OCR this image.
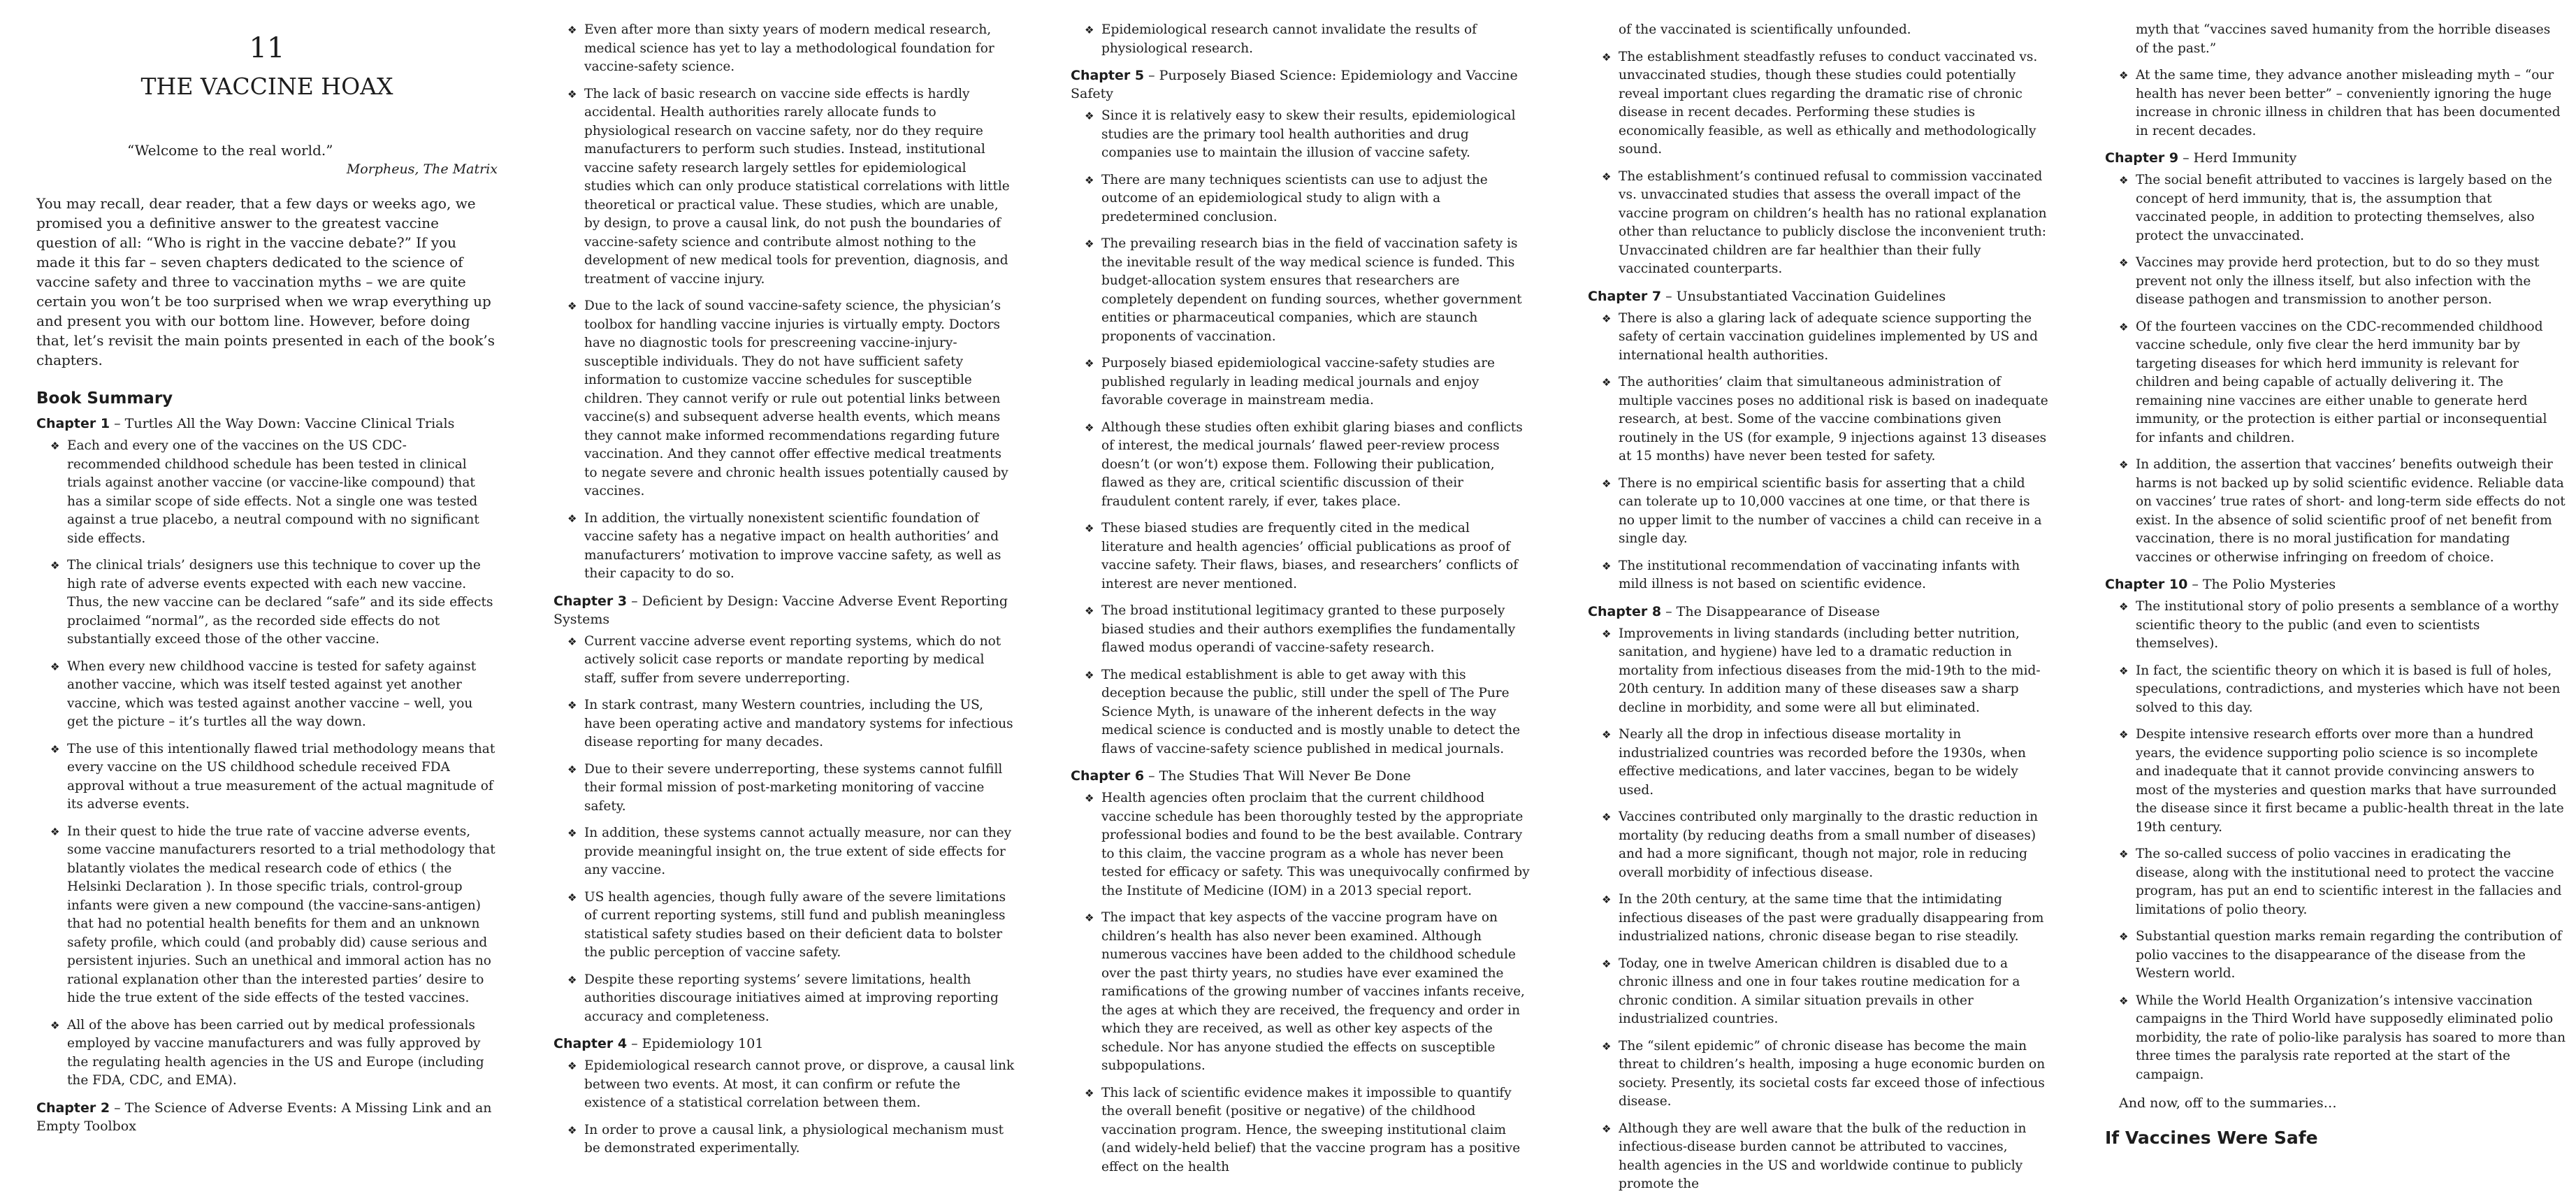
11
THE VACCINE HOAX
“Welcome to the real world.”
Morpheus, The Matrix

You may recall, dear reader, that a few days or weeks ago, we promised you a definitive answer to the greatest vaccine question of all: “Who is right in the vaccine debate?” If you made it this far – seven chapters dedicated to the science of vaccine safety and three to vaccination myths – we are quite certain you won’t be too surprised when we wrap everything up and present you with our bottom line. However, before doing that, let’s revisit the main points presented in each of the book’s chapters.

Book Summary
Chapter 1 – Turtles All the Way Down: Vaccine Clinical Trials
❖ Each and every one of the vaccines on the US CDC-recommended childhood schedule has been tested in clinical trials against another vaccine (or vaccine-like compound) that has a similar scope of side effects. Not a single one was tested against a true placebo, a neutral compound with no significant side effects.
❖ The clinical trials’ designers use this technique to cover up the high rate of adverse events expected with each new vaccine. Thus, the new vaccine can be declared “safe” and its side effects proclaimed “normal”, as the recorded side effects do not substantially exceed those of the other vaccine.
❖ When every new childhood vaccine is tested for safety against another vaccine, which was itself tested against yet another vaccine, which was tested against another vaccine – well, you get the picture – it’s turtles all the way down.
❖ The use of this intentionally flawed trial methodology means that every vaccine on the US childhood schedule received FDA approval without a true measurement of the actual magnitude of its adverse events.
❖ In their quest to hide the true rate of vaccine adverse events, some vaccine manufacturers resorted to a trial methodology that blatantly violates the medical research code of ethics ( the Helsinki Declaration ). In those specific trials, control-group infants were given a new compound (the vaccine-sans-antigen) that had no potential health benefits for them and an unknown safety profile, which could (and probably did) cause serious and persistent injuries. Such an unethical and immoral action has no rational explanation other than the interested parties’ desire to hide the true extent of the side effects of the tested vaccines.
❖ All of the above has been carried out by medical professionals employed by vaccine manufacturers and was fully approved by the regulating health agencies in the US and Europe (including the FDA, CDC, and EMA).
Chapter 2 – The Science of Adverse Events: A Missing Link and an Empty Toolbox
❖ Even after more than sixty years of modern medical research, medical science has yet to lay a methodological foundation for vaccine-safety science.
❖ The lack of basic research on vaccine side effects is hardly accidental. Health authorities rarely allocate funds to physiological research on vaccine safety, nor do they require manufacturers to perform such studies. Instead, institutional vaccine safety research largely settles for epidemiological studies which can only produce statistical correlations with little theoretical or practical value. These studies, which are unable, by design, to prove a causal link, do not push the boundaries of vaccine-safety science and contribute almost nothing to the development of new medical tools for prevention, diagnosis, and treatment of vaccine injury.
❖ Due to the lack of sound vaccine-safety science, the physician’s toolbox for handling vaccine injuries is virtually empty. Doctors have no diagnostic tools for prescreening vaccine-injury-susceptible individuals. They do not have sufficient safety information to customize vaccine schedules for susceptible children. They cannot verify or rule out potential links between vaccine(s) and subsequent adverse health events, which means they cannot make informed recommendations regarding future vaccination. And they cannot offer effective medical treatments to negate severe and chronic health issues potentially caused by vaccines.
❖ In addition, the virtually nonexistent scientific foundation of vaccine safety has a negative impact on health authorities’ and manufacturers’ motivation to improve vaccine safety, as well as their capacity to do so.
Chapter 3 – Deficient by Design: Vaccine Adverse Event Reporting Systems
❖ Current vaccine adverse event reporting systems, which do not actively solicit case reports or mandate reporting by medical staff, suffer from severe underreporting.
❖ In stark contrast, many Western countries, including the US, have been operating active and mandatory systems for infectious disease reporting for many decades.
❖ Due to their severe underreporting, these systems cannot fulfill their formal mission of post-marketing monitoring of vaccine safety.
❖ In addition, these systems cannot actually measure, nor can they provide meaningful insight on, the true extent of side effects for any vaccine.
❖ US health agencies, though fully aware of the severe limitations of current reporting systems, still fund and publish meaningless statistical safety studies based on their deficient data to bolster the public perception of vaccine safety.
❖ Despite these reporting systems’ severe limitations, health authorities discourage initiatives aimed at improving reporting accuracy and completeness.
Chapter 4 – Epidemiology 101
❖ Epidemiological research cannot prove, or disprove, a causal link between two events. At most, it can confirm or refute the existence of a statistical correlation between them.
❖ In order to prove a causal link, a physiological mechanism must be demonstrated experimentally.
❖ Epidemiological research cannot invalidate the results of physiological research.
Chapter 5 – Purposely Biased Science: Epidemiology and Vaccine Safety
❖ Since it is relatively easy to skew their results, epidemiological studies are the primary tool health authorities and drug companies use to maintain the illusion of vaccine safety.
❖ There are many techniques scientists can use to adjust the outcome of an epidemiological study to align with a predetermined conclusion.
❖ The prevailing research bias in the field of vaccination safety is the inevitable result of the way medical science is funded. This budget-allocation system ensures that researchers are completely dependent on funding sources, whether government entities or pharmaceutical companies, which are staunch proponents of vaccination.
❖ Purposely biased epidemiological vaccine-safety studies are published regularly in leading medical journals and enjoy favorable coverage in mainstream media.
❖ Although these studies often exhibit glaring biases and conflicts of interest, the medical journals’ flawed peer-review process doesn’t (or won’t) expose them. Following their publication, flawed as they are, critical scientific discussion of their fraudulent content rarely, if ever, takes place.
❖ These biased studies are frequently cited in the medical literature and health agencies’ official publications as proof of vaccine safety. Their flaws, biases, and researchers’ conflicts of interest are never mentioned.
❖ The broad institutional legitimacy granted to these purposely biased studies and their authors exemplifies the fundamentally flawed modus operandi of vaccine-safety research.
❖ The medical establishment is able to get away with this deception because the public, still under the spell of The Pure Science Myth, is unaware of the inherent defects in the way medical science is conducted and is mostly unable to detect the flaws of vaccine-safety science published in medical journals.
Chapter 6 – The Studies That Will Never Be Done
❖ Health agencies often proclaim that the current childhood vaccine schedule has been thoroughly tested by the appropriate professional bodies and found to be the best available. Contrary to this claim, the vaccine program as a whole has never been tested for efficacy or safety. This was unequivocally confirmed by the Institute of Medicine (IOM) in a 2013 special report.
❖ The impact that key aspects of the vaccine program have on children’s health has also never been examined. Although numerous vaccines have been added to the childhood schedule over the past thirty years, no studies have ever examined the ramifications of the growing number of vaccines infants receive, the ages at which they are received, the frequency and order in which they are received, as well as other key aspects of the schedule. Nor has anyone studied the effects on susceptible subpopulations.
❖ This lack of scientific evidence makes it impossible to quantify the overall benefit (positive or negative) of the childhood vaccination program. Hence, the sweeping institutional claim (and widely-held belief) that the vaccine program has a positive effect on the health

of the vaccinated is scientifically unfounded.

❖ The establishment steadfastly refuses to conduct vaccinated vs. unvaccinated studies, though these studies could potentially reveal important clues regarding the dramatic rise of chronic disease in recent decades. Performing these studies is economically feasible, as well as ethically and methodologically sound.
❖ The establishment’s continued refusal to commission vaccinated vs. unvaccinated studies that assess the overall impact of the vaccine program on children’s health has no rational explanation other than reluctance to publicly disclose the inconvenient truth: Unvaccinated children are far healthier than their fully vaccinated counterparts.
Chapter 7 – Unsubstantiated Vaccination Guidelines
❖ There is also a glaring lack of adequate science supporting the safety of certain vaccination guidelines implemented by US and international health authorities.
❖ The authorities’ claim that simultaneous administration of multiple vaccines poses no additional risk is based on inadequate research, at best. Some of the vaccine combinations given routinely in the US (for example, 9 injections against 13 diseases at 15 months) have never been tested for safety.
❖ There is no empirical scientific basis for asserting that a child can tolerate up to 10,000 vaccines at one time, or that there is no upper limit to the number of vaccines a child can receive in a single day.
❖ The institutional recommendation of vaccinating infants with mild illness is not based on scientific evidence.
Chapter 8 – The Disappearance of Disease
❖ Improvements in living standards (including better nutrition, sanitation, and hygiene) have led to a dramatic reduction in mortality from infectious diseases from the mid-19th to the mid-20th century. In addition many of these diseases saw a sharp decline in morbidity, and some were all but eliminated.
❖ Nearly all the drop in infectious disease mortality in industrialized countries was recorded before the 1930s, when effective medications, and later vaccines, began to be widely used.
❖ Vaccines contributed only marginally to the drastic reduction in mortality (by reducing deaths from a small number of diseases) and had a more significant, though not major, role in reducing overall morbidity of infectious disease.
❖ In the 20th century, at the same time that the intimidating infectious diseases of the past were gradually disappearing from industrialized nations, chronic disease began to rise steadily.
❖ Today, one in twelve American children is disabled due to a chronic illness and one in four takes routine medication for a chronic condition. A similar situation prevails in other industrialized countries.
❖ The “silent epidemic” of chronic disease has become the main threat to children’s health, imposing a huge economic burden on society. Presently, its societal costs far exceed those of infectious disease.
❖ Although they are well aware that the bulk of the reduction in infectious-disease burden cannot be attributed to vaccines, health agencies in the US and worldwide continue to publicly promote the

myth that “vaccines saved humanity from the horrible diseases of the past.”

❖ At the same time, they advance another misleading myth – “our health has never been better” – conveniently ignoring the huge increase in chronic illness in children that has been documented in recent decades.
Chapter 9 – Herd Immunity
❖ The social benefit attributed to vaccines is largely based on the concept of herd immunity, that is, the assumption that vaccinated people, in addition to protecting themselves, also protect the unvaccinated.
❖ Vaccines may provide herd protection, but to do so they must prevent not only the illness itself, but also infection with the disease pathogen and transmission to another person.
❖ Of the fourteen vaccines on the CDC-recommended childhood vaccine schedule, only five clear the herd immunity bar by targeting diseases for which herd immunity is relevant for children and being capable of actually delivering it. The remaining nine vaccines are either unable to generate herd immunity, or the protection is either partial or inconsequential for infants and children.
❖ In addition, the assertion that vaccines’ benefits outweigh their harms is not backed up by solid scientific evidence. Reliable data on vaccines’ true rates of short- and long-term side effects do not exist. In the absence of solid scientific proof of net benefit from vaccination, there is no moral justification for mandating vaccines or otherwise infringing on freedom of choice.
Chapter 10 – The Polio Mysteries
❖ The institutional story of polio presents a semblance of a worthy scientific theory to the public (and even to scientists themselves).
❖ In fact, the scientific theory on which it is based is full of holes, speculations, contradictions, and mysteries which have not been solved to this day.
❖ Despite intensive research efforts over more than a hundred years, the evidence supporting polio science is so incomplete and inadequate that it cannot provide convincing answers to most of the mysteries and question marks that have surrounded the disease since it first became a public-health threat in the late 19th century.
❖ The so-called success of polio vaccines in eradicating the disease, along with the institutional need to protect the vaccine program, has put an end to scientific interest in the fallacies and limitations of polio theory.
❖ Substantial question marks remain regarding the contribution of polio vaccines to the disappearance of the disease from the Western world.
❖ While the World Health Organization’s intensive vaccination campaigns in the Third World have supposedly eliminated polio morbidity, the rate of polio-like paralysis has soared to more than three times the paralysis rate reported at the start of the campaign.

And now, off to the summaries…

If Vaccines Were Safe
